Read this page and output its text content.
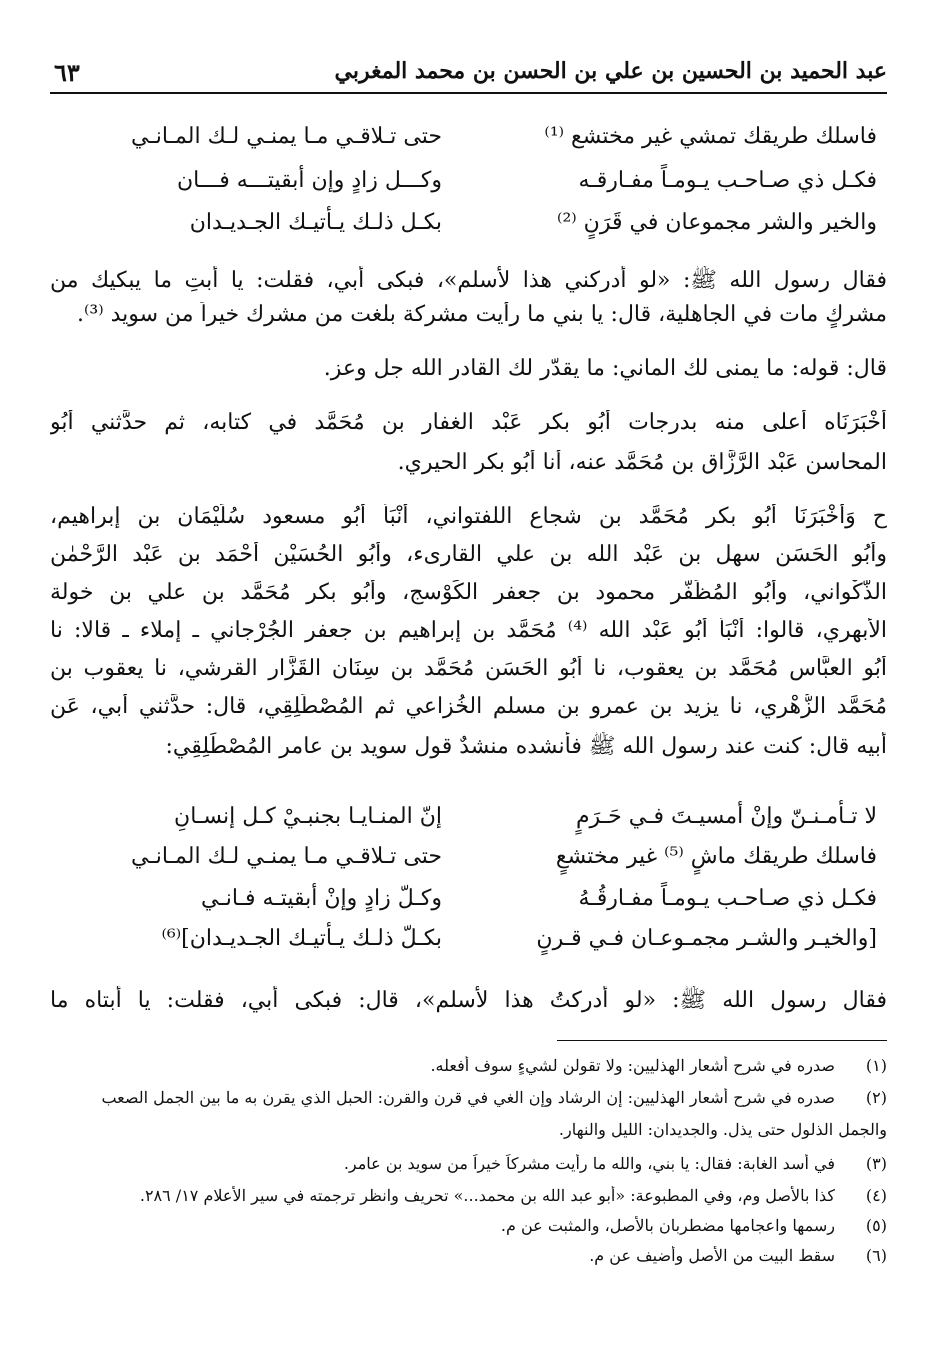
عبد الحميد بن الحسين بن علي بن الحسن بن محمد المغربي
٦٣
فاسلك طريقك تمشي غير مختشع ⁽¹⁾
حتى تـلاقـي مـا يمنـي لـك المـانـي
فكـل ذي صـاحـب يـومـاً مفـارقـه
وكـــل زادٍ وإن أبقيتـــه فـــان
والخير والشر مجموعان في قَرَنٍ ⁽²⁾
بكـل ذلـك يـأتيـك الجـديـدان
فقال رسول الله ﷺ: «لو أدركني هذا لأسلم»، فبكى أبي، فقلت: يا أبتِ ما يبكيك من
مشركٍ مات في الجاهلية، قال: يا بني ما رأيت مشركة بلغت من مشرك خيراً من سويد ⁽³⁾.
قال: قوله: ما يمنى لك الماني: ما يقدّر لك القادر الله جل وعز.
أَخْبَرَنَاه أعلى منه بدرجات أَبُو بكر عَبْد الغفار بن مُحَمَّد في كتابه، ثم حدَّثني أَبُو
المحاسن عَبْد الرَّزَّاق بن مُحَمَّد عنه، أنا أَبُو بكر الحيري.
ح وَأَخْبَرَنَا أَبُو بكر مُحَمَّد بن شجاع اللفتواني، أَنْبَأ أَبُو مسعود سُلَيْمَان بن إبراهيم،
وأَبُو الحَسَن سهل بن عَبْد الله بن علي القارىء، وأَبُو الحُسَيْن أَحْمَد بن عَبْد الرَّحْمٰن
الذَّكْواني، وأَبُو المُظَفّر محمود بن جعفر الكَوْسج، وأَبُو بكر مُحَمَّد بن علي بن خولة
الأَبهري، قالوا: أَنْبَأ أَبُو عَبْد الله ⁽⁴⁾ مُحَمَّد بن إبراهيم بن جعفر الجُرْجاني ـ إملاء ـ قالا: نا
أَبُو العبَّاس مُحَمَّد بن يعقوب، نا أَبُو الحَسَن مُحَمَّد بن سِنَان القَزَّار القرشي، نا يعقوب بن
مُحَمَّد الزُّهْري، نا يزيد بن عمرو بن مسلم الخُزاعي ثم المُصْطَلِقِي، قال: حدَّثني أبي، عَن
أبيه قال: كنت عند رسول الله ﷺ فأنشده منشدٌ قول سويد بن عامر المُصْطَلِقِي:
لا تـأمـنـنّ وإنْ أمسيـتَ فـي حَـرَمٍ
إنّ المنـايـا بجنبـيْ كـل إنسـانِ
فاسلك طريقك ماشٍ ⁽⁵⁾ غير مختشعٍ
حتى تـلاقـي مـا يمنـي لـك المـانـي
فكـل ذي صـاحـب يـومـاً مفـارقُـهُ
وكـلّ زادٍ وإنْ أبقيتـه فـانـي
[والخيـر والشـر مجمـوعـان فـي قـرنٍ
بكـلّ ذلـك يـأتيـك الجـديـدان]⁽⁶⁾
فقال رسول الله ﷺ: «لو أدركتُ هذا لأسلم»، قال: فبكى أبي، فقلت: يا أبتاه ما
(١)
صدره في شرح أشعار الهذليين: ولا تقولن لشيءٍ سوف أفعله.
(٢)
صدره في شرح أشعار الهذليين: إن الرشاد وإن الغي في قرن والقرن: الحبل الذي يقرن به ما بين الجمل الصعب
والجمل الذلول حتى يذل. والجديدان: الليل والنهار.
(٣)
في أسد الغابة: فقال: يا بني، والله ما رأيت مشركاً خيراً من سويد بن عامر.
(٤)
كذا بالأصل وم، وفي المطبوعة: «أبو عبد الله بن محمد...» تحريف وانظر ترجمته في سير الأعلام ١٧/ ٢٨٦.
(٥)
رسمها واعجامها مضطربان بالأصل، والمثبت عن م.
(٦)
سقط البيت من الأصل وأضيف عن م.
